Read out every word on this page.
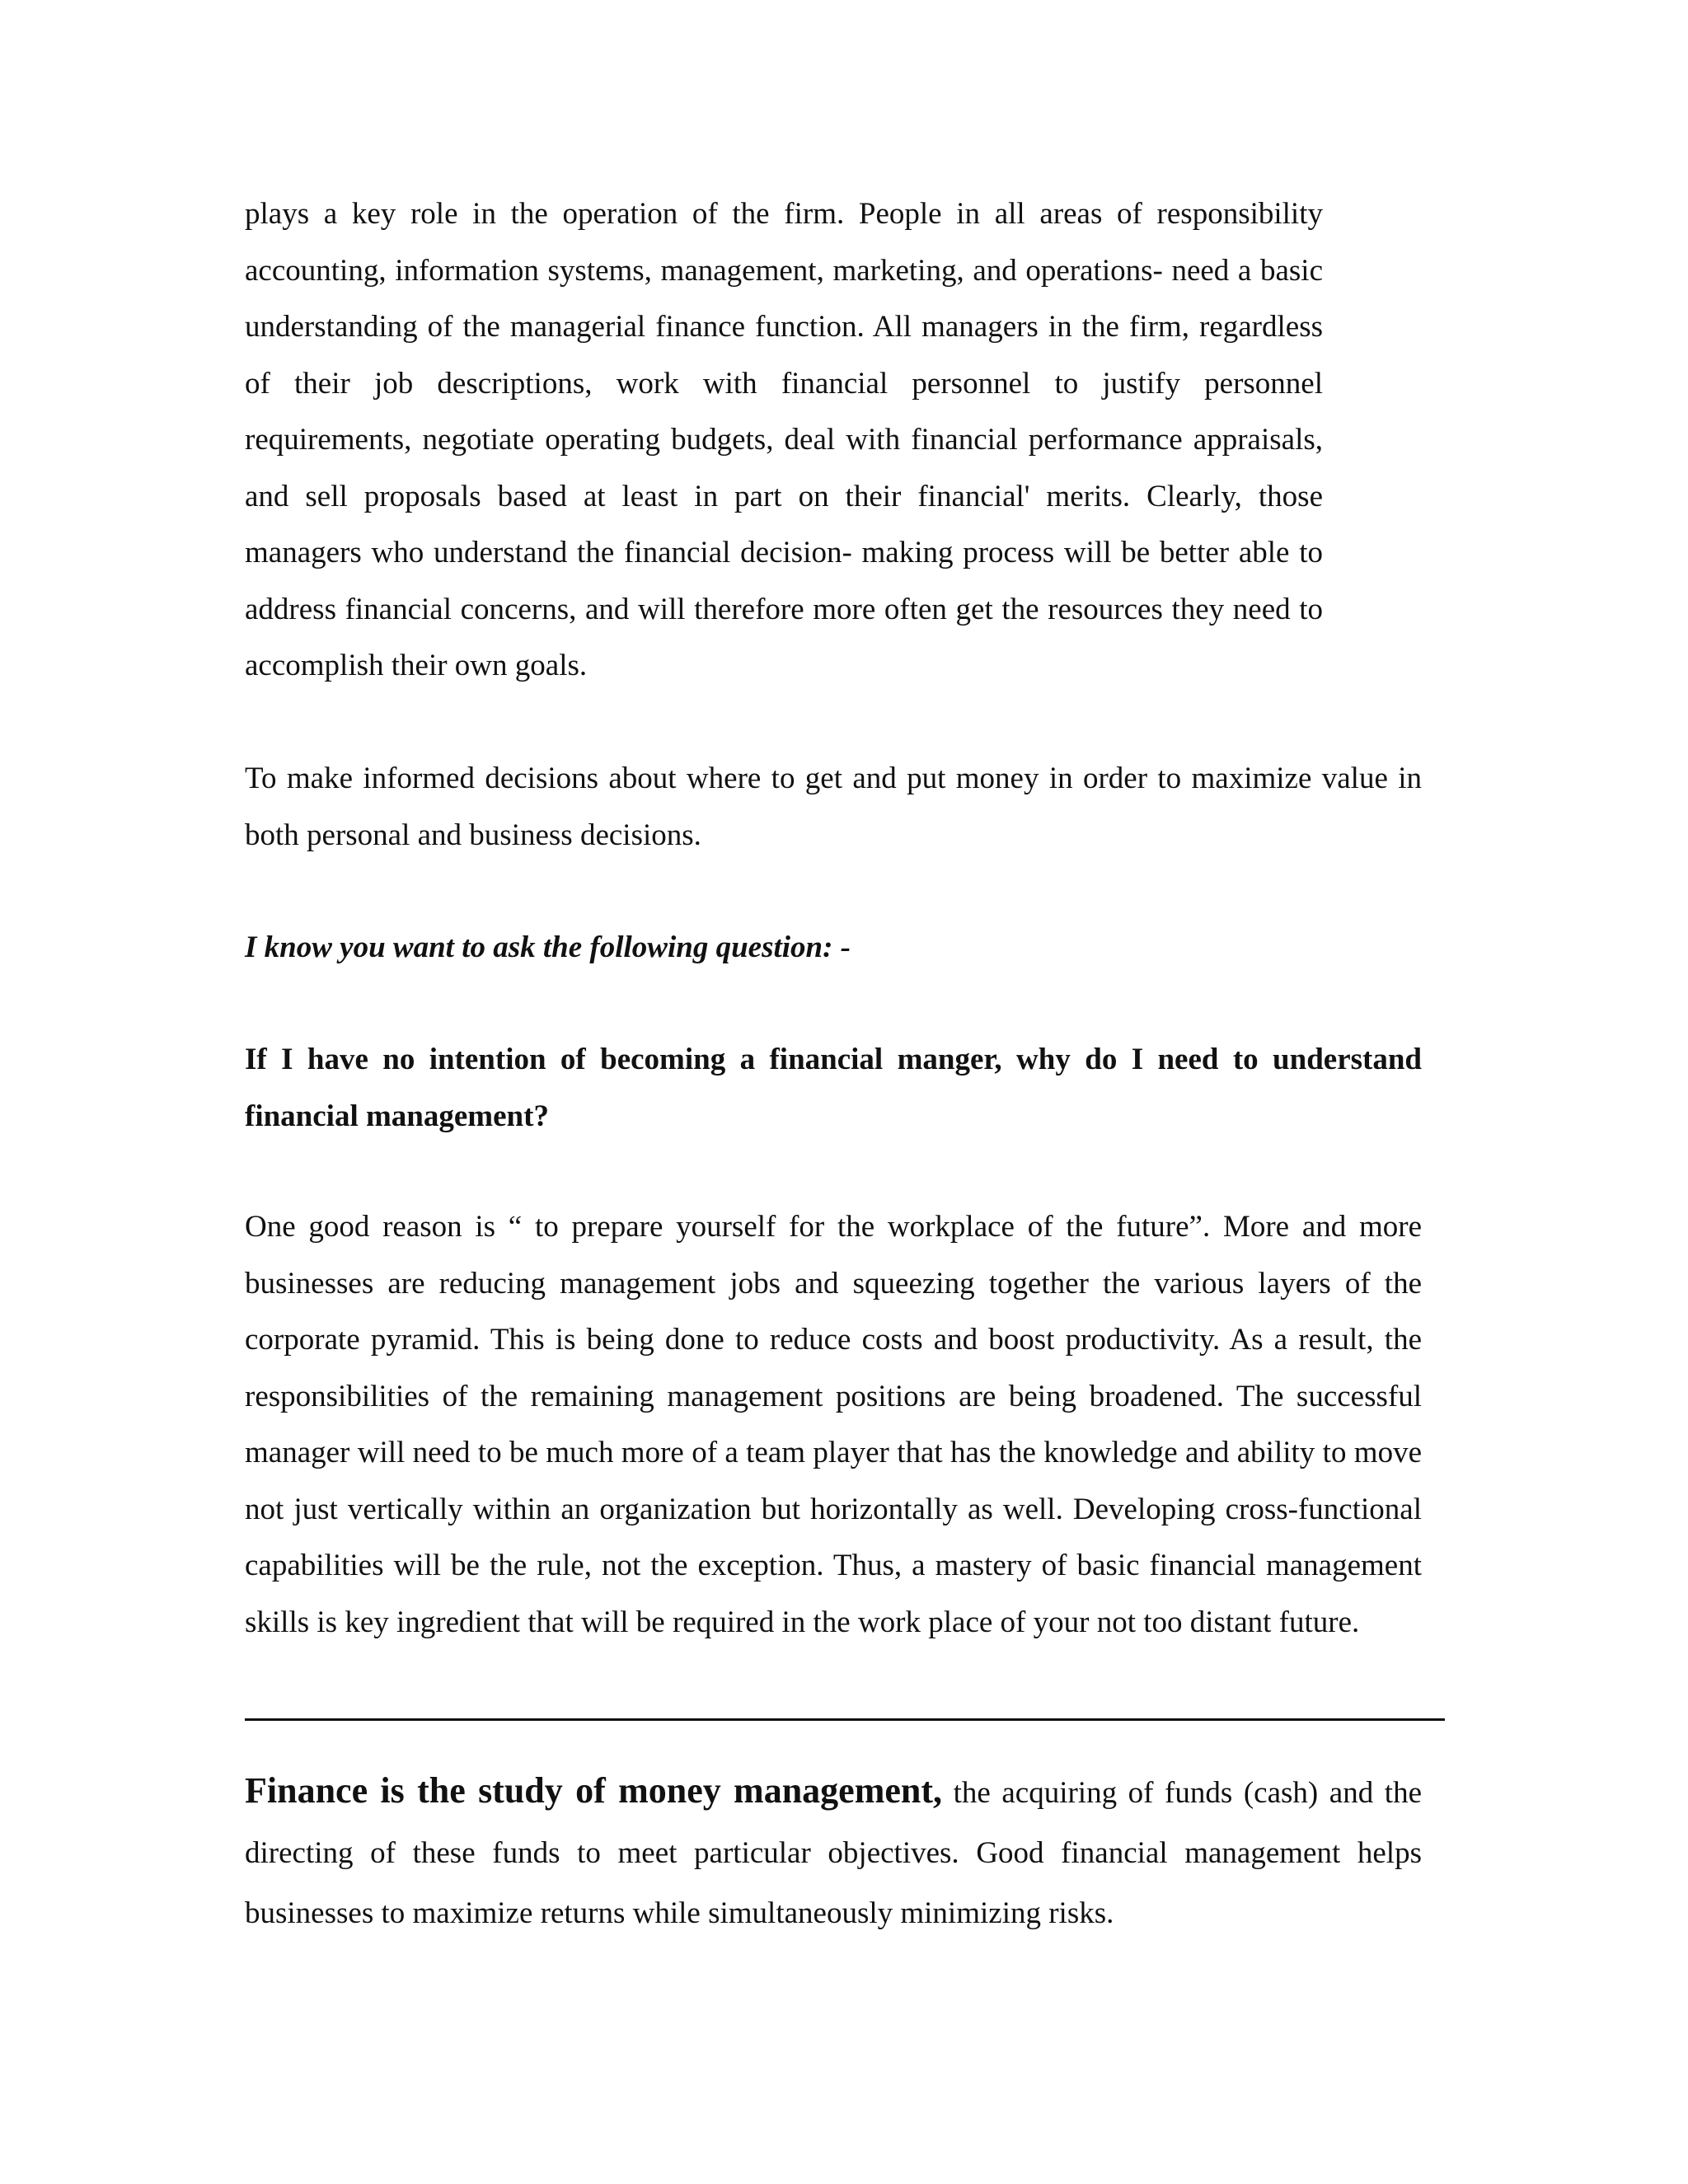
plays a key role in the operation of the firm. People in all areas of responsibility accounting, information systems, management, marketing, and operations- need a basic understanding of the managerial finance function. All managers in the firm, regardless of their job descriptions, work with financial personnel to justify personnel requirements, negotiate operating budgets, deal with financial performance appraisals, and sell proposals based at least in part on their financial' merits. Clearly, those managers who understand the financial decision- making process will be better able to address financial concerns, and will therefore more often get the resources they need to accomplish their own goals.

To make informed decisions about where to get and put money in order to maximize value in both personal and business decisions.

I know you want to ask the following question: -

If I have no intention of becoming a financial manger, why do I need to understand financial management?

One good reason is “ to prepare yourself for the workplace of the future”. More and more businesses are reducing management jobs and squeezing together the various layers of the corporate pyramid. This is being done to reduce costs and boost productivity. As a result, the responsibilities of the remaining management positions are being broadened. The successful manager will need to be much more of a team player that has the knowledge and ability to move not just vertically within an organization but horizontally as well. Developing cross-functional capabilities will be the rule, not the exception. Thus, a mastery of basic financial management skills is key ingredient that will be required in the work place of your not too distant future.

Finance is the study of money management, the acquiring of funds (cash) and the directing of these funds to meet particular objectives. Good financial management helps businesses to maximize returns while simultaneously minimizing risks.
